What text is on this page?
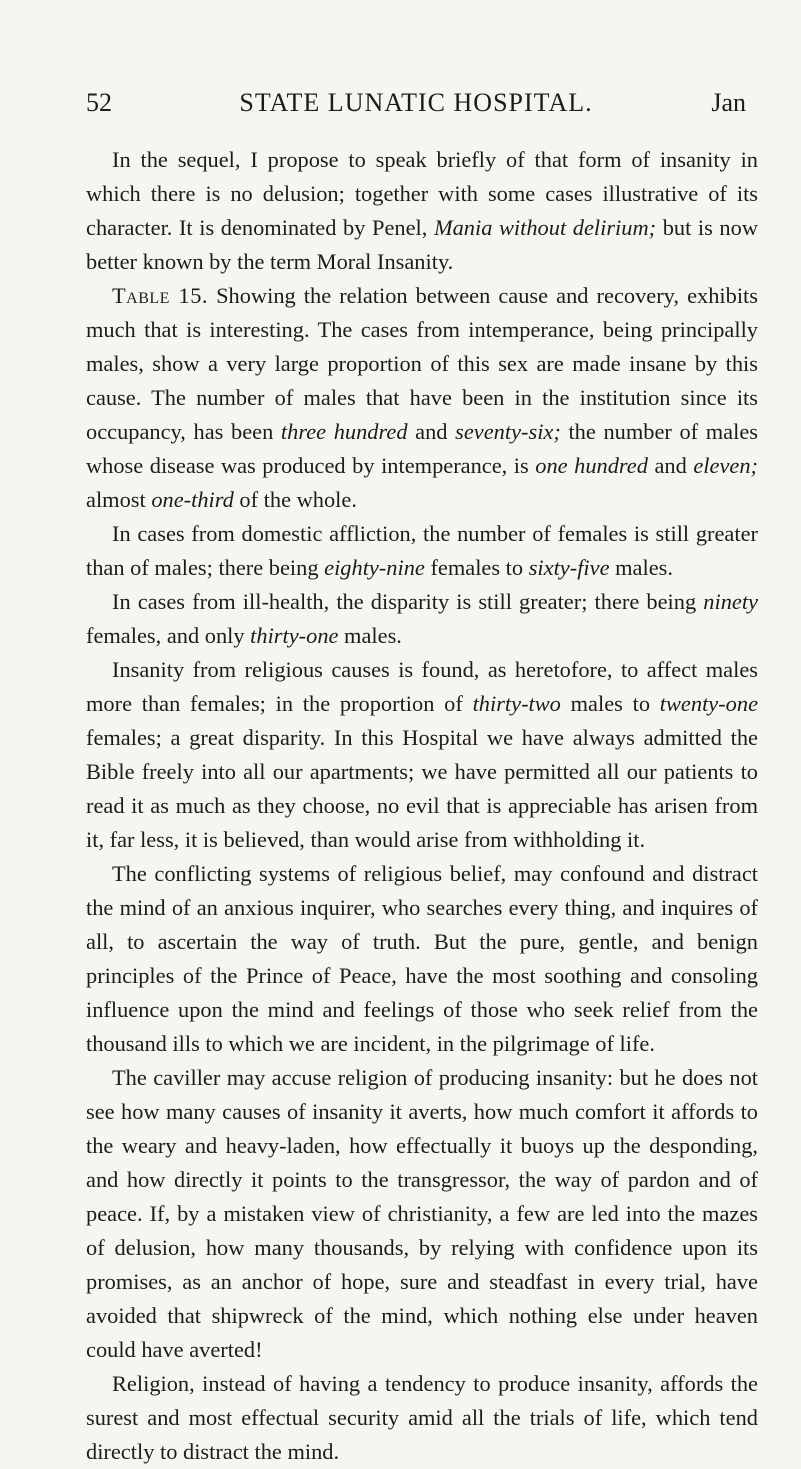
52	STATE LUNATIC HOSPITAL.	Jan

In the sequel, I propose to speak briefly of that form of insanity in which there is no delusion; together with some cases illustrative of its character. It is denominated by Penel, Mania without delirium; but is now better known by the term Moral Insanity.

Table 15. Showing the relation between cause and recovery, exhibits much that is interesting. The cases from intemperance, being principally males, show a very large proportion of this sex are made insane by this cause. The number of males that have been in the institution since its occupancy, has been three hundred and seventy-six; the number of males whose disease was produced by intemperance, is one hundred and eleven; almost one-third of the whole.

In cases from domestic affliction, the number of females is still greater than of males; there being eighty-nine females to sixty-five males.

In cases from ill-health, the disparity is still greater; there being ninety females, and only thirty-one males.

Insanity from religious causes is found, as heretofore, to affect males more than females; in the proportion of thirty-two males to twenty-one females; a great disparity. In this Hospital we have always admitted the Bible freely into all our apartments; we have permitted all our patients to read it as much as they choose, no evil that is appreciable has arisen from it, far less, it is believed, than would arise from withholding it.

The conflicting systems of religious belief, may confound and distract the mind of an anxious inquirer, who searches every thing, and inquires of all, to ascertain the way of truth. But the pure, gentle, and benign principles of the Prince of Peace, have the most soothing and consoling influence upon the mind and feelings of those who seek relief from the thousand ills to which we are incident, in the pilgrimage of life.

The caviller may accuse religion of producing insanity: but he does not see how many causes of insanity it averts, how much comfort it affords to the weary and heavy-laden, how effectually it buoys up the desponding, and how directly it points to the transgressor, the way of pardon and of peace. If, by a mistaken view of christianity, a few are led into the mazes of delusion, how many thousands, by relying with confidence upon its promises, as an anchor of hope, sure and steadfast in every trial, have avoided that shipwreck of the mind, which nothing else under heaven could have averted!

Religion, instead of having a tendency to produce insanity, affords the surest and most effectual security amid all the trials of life, which tend directly to distract the mind.
